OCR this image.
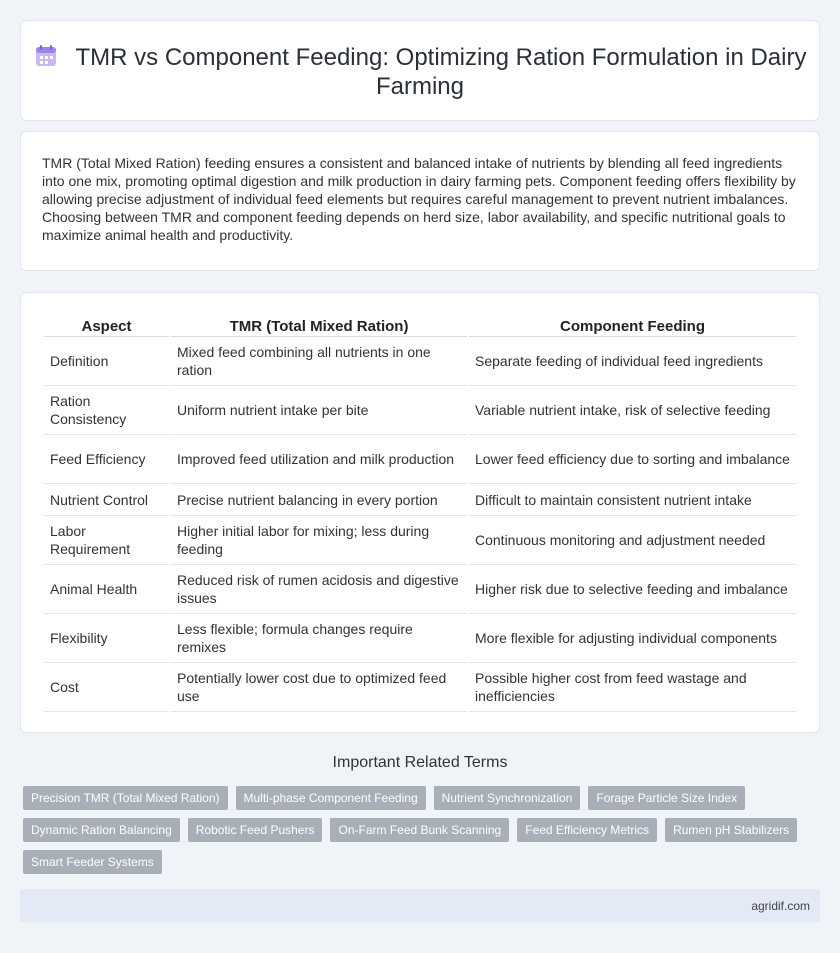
TMR vs Component Feeding: Optimizing Ration Formulation in Dairy Farming

TMR (Total Mixed Ration) feeding ensures a consistent and balanced intake of nutrients by blending all feed ingredients into one mix, promoting optimal digestion and milk production in dairy farming pets. Component feeding offers flexibility by allowing precise adjustment of individual feed elements but requires careful management to prevent nutrient imbalances. Choosing between TMR and component feeding depends on herd size, labor availability, and specific nutritional goals to maximize animal health and productivity.

Aspect	TMR (Total Mixed Ration)	Component Feeding
Definition	Mixed feed combining all nutrients in one ration	Separate feeding of individual feed ingredients
Ration Consistency	Uniform nutrient intake per bite	Variable nutrient intake, risk of selective feeding
Feed Efficiency	Improved feed utilization and milk production	Lower feed efficiency due to sorting and imbalance
Nutrient Control	Precise nutrient balancing in every portion	Difficult to maintain consistent nutrient intake
Labor Requirement	Higher initial labor for mixing; less during feeding	Continuous monitoring and adjustment needed
Animal Health	Reduced risk of rumen acidosis and digestive issues	Higher risk due to selective feeding and imbalance
Flexibility	Less flexible; formula changes require remixes	More flexible for adjusting individual components
Cost	Potentially lower cost due to optimized feed use	Possible higher cost from feed wastage and inefficiencies
Important Related Terms
Precision TMR (Total Mixed Ration)	Multi-phase Component Feeding	Nutrient Synchronization	Forage Particle Size Index
Dynamic Ration Balancing	Robotic Feed Pushers	On-Farm Feed Bunk Scanning	Feed Efficiency Metrics	Rumen pH Stabilizers
Smart Feeder Systems
agridif.com
